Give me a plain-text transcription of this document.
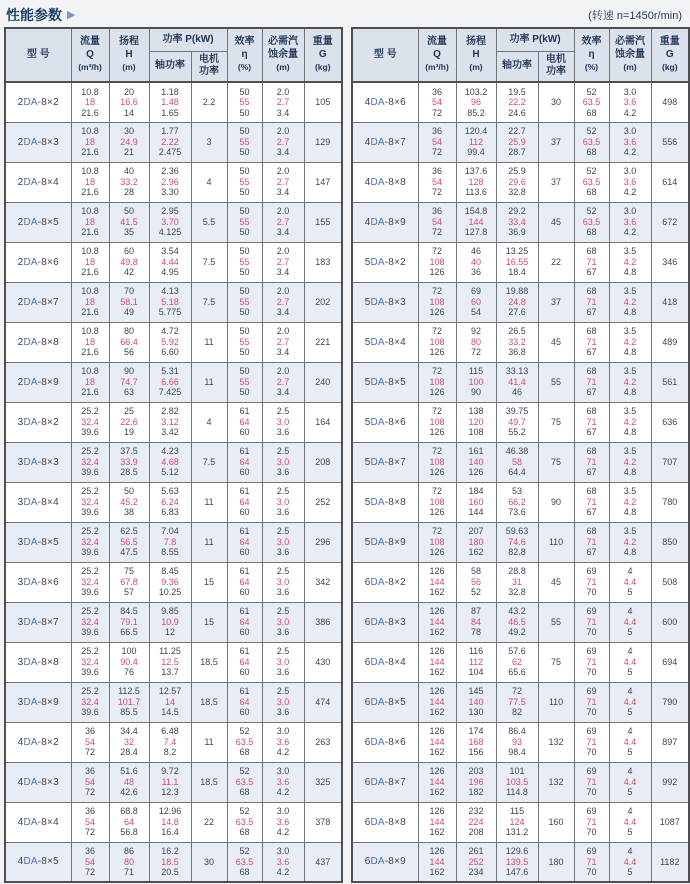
性能参数 ▶	(转速 n=1450r/min)
型 号	流量
Q
(m³/h)	扬程
H
(m)	功率 P(kW)		效率
η
(%)	必需汽
蚀余量
(m)	重量
G
(kg)

			轴功率	电机
功率			

2DA-8×2	10.8
18
21.6	20
16.6
14	1.18
1.48
1.65	2.2	50
55
50	2.0
2.7
3.4	105
2DA-8×3	10.8
18
21.6	30
24.9
21	1.77
2.22
2.475	3	50
55
50	2.0
2.7
3.4	129
2DA-8×4	10.8
18
21.6	40
33.2
28	2.36
2.96
3.30	4	50
55
50	2.0
2.7
3.4	147
2DA-8×5	10.8
18
21.6	50
41.5
35	2.95
3.70
4.125	5.5	50
55
50	2.0
2.7
3.4	155
2DA-8×6	10.8
18
21.6	60
49.8
42	3.54
4.44
4.95	7.5	50
55
50	2.0
2.7
3.4	183
2DA-8×7	10.8
18
21.6	70
58.1
49	4.13
5.18
5.775	7.5	50
55
50	2.0
2.7
3.4	202
2DA-8×8	10.8
18
21.6	80
66.4
56	4.72
5.92
6.60	11	50
55
50	2.0
2.7
3.4	221
2DA-8×9	10.8
18
21.6	90
74.7
63	5.31
6.66
7.425	11	50
55
50	2.0
2.7
3.4	240
3DA-8×2	25.2
32.4
39.6	25
22.6
19	2.82
3.12
3.42	4	61
64
60	2.5
3.0
3.6	164
3DA-8×3	25.2
32.4
39.6	37.5
33.9
28.5	4.23
4.68
5.12	7.5	61
64
60	2.5
3.0
3.6	208
3DA-8×4	25.2
32.4
39.6	50
45.2
38	5.63
6.24
6.83	11	61
64
60	2.5
3.0
3.6	252
3DA-8×5	25.2
32.4
39.6	62.5
56.5
47.5	7.04
7.8
8.55	11	61
64
60	2.5
3.0
3.6	296
3DA-8×6	25.2
32.4
39.6	75
67.8
57	8.45
9.36
10.25	15	61
64
60	2.5
3.0
3.6	342
3DA-8×7	25.2
32.4
39.6	84.5
79.1
66.5	9.85
10.9
12	15	61
64
60	2.5
3.0
3.6	386
3DA-8×8	25.2
32.4
39.6	100
90.4
76	11.25
12.5
13.7	18.5	61
64
60	2.5
3.0
3.6	430
3DA-8×9	25.2
32.4
39.6	112.5
101.7
85.5	12.57
14
14.5	18.5	61
64
60	2.5
3.0
3.6	474
4DA-8×2	36
54
72	34.4
32
28.4	6.48
7.4
8.2	11	52
63.5
68	3.0
3.6
4.2	263
4DA-8×3	36
54
72	51.6
48
42.6	9.72
11.1
12.3	18.5	52
63.5
68	3.0
3.6
4.2	325
4DA-8×4	36
54
72	68.8
64
56.8	12.96
14.8
16.4	22	52
63.5
68	3.0
3.6
4.2	378
4DA-8×5	36
54
72	86
80
71	16.2
18.5
20.5	30	52
63.5
68	3.0
3.6
4.2	437
型 号	流量
Q
(m³/h)	扬程
H
(m)	功率 P(kW)		效率
η
(%)	必需汽
蚀余量
(m)	重量
G
(kg)

			轴功率	电机
功率			

4DA-8×6	36
54
72	103.2
96
85.2	19.5
22.2
24.6	30	52
63.5
68	3.0
3.6
4.2	498
4DA-8×7	36
54
72	120.4
112
99.4	22.7
25.9
28.7	37	52
63.5
68	3.0
3.6
4.2	556
4DA-8×8	36
54
72	137.6
128
113.6	25.9
29.6
32.8	37	52
63.5
68	3.0
3.6
4.2	614
4DA-8×9	36
54
72	154.8
144
127.8	29.2
33.4
36.9	45	52
63.5
68	3.0
3.6
4.2	672
5DA-8×2	72
108
126	46
40
36	13.25
16.55
18.4	22	68
71
67	3.5
4.2
4.8	346
5DA-8×3	72
108
126	69
60
54	19.88
24.8
27.6	37	68
71
67	3.5
4.2
4.8	418
5DA-8×4	72
108
126	92
80
72	26.5
33.2
36.8	45	68
71
67	3.5
4.2
4.8	489
5DA-8×5	72
108
126	115
100
90	33.13
41.4
46	55	68
71
67	3.5
4.2
4.8	561
5DA-8×6	72
108
126	138
120
108	39.75
49.7
55.2	75	68
71
67	3.5
4.2
4.8	636
5DA-8×7	72
108
126	161
140
126	46.38
58
64.4	75	68
71
67	3.5
4.2
4.8	707
5DA-8×8	72
108
126	184
160
144	53
66.2
73.6	90	68
71
67	3.5
4.2
4.8	780
5DA-8×9	72
108
126	207
180
162	59.63
74.6
82.8	110	68
71
67	3.5
4.2
4.8	850
6DA-8×2	126
144
162	58
56
52	28.8
31
32.8	45	69
71
70	4
4.4
5	508
6DA-8×3	126
144
162	87
84
78	43.2
46.5
49.2	55	69
71
70	4
4.4
5	600
6DA-8×4	126
144
162	116
112
104	57.6
62
65.6	75	69
71
70	4
4.4
5	694
6DA-8×5	126
144
162	145
140
130	72
77.5
82	110	69
71
70	4
4.4
5	790
6DA-8×6	126
144
162	174
168
156	86.4
93
98.4	132	69
71
70	4
4.4
5	897
6DA-8×7	126
144
162	203
196
182	101
103.5
114.8	132	69
71
70	4
4.4
5	992
6DA-8×8	126
144
162	232
224
208	115
124
131.2	160	69
71
70	4
4.4
5	1087
6DA-8×9	126
144
162	261
252
234	129.6
139.5
147.6	180	69
71
70	4
4.4
5	1182
